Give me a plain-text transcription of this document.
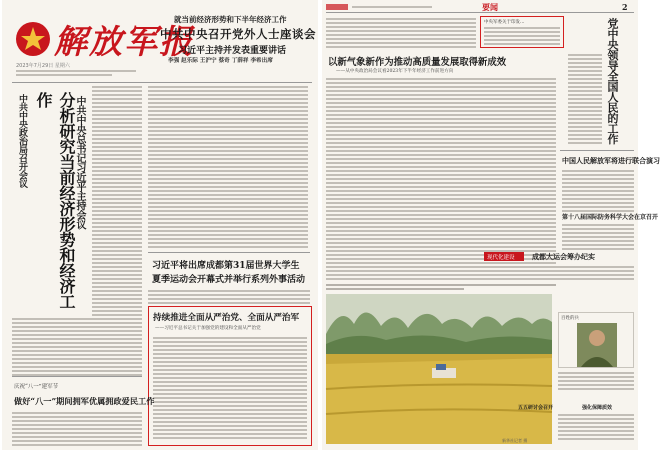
解放军报
2023年7月29日 星期六
就当前经济形势和下半年经济工作
中共中央召开党外人士座谈会
习近平主持并发表重要讲话
李强 赵乐际 王沪宁 蔡奇 丁薛祥 李希出席
中共中央政治局召开会议	分析研究当前经济形势和经济工作	中共中央总书记习近平主持会议
习近平将出席成都第31届世界大学生
夏季运动会开幕式并举行系列外事活动
持续推进全面从严治党、全面从严治军
——习近平总书记关于加强党的建设和全面从严治党
庆祝“八一”建军节
做好“八一”期间拥军优属拥政爱民工作
要闻	2
中央军委关于印发…	党中央领导全国人民的工作
以新气象新作为推动高质量发展取得新成效
——从中央政治局会议看2023年下半年经济工作前进方向
中国人民解放军将进行联合演习
第十八届国际防务科学大会在京召开
现代化建设 成都大运会筹办纪实
百姓的兵
五五研讨会召开	强化保障质效
新华社记者 摄
